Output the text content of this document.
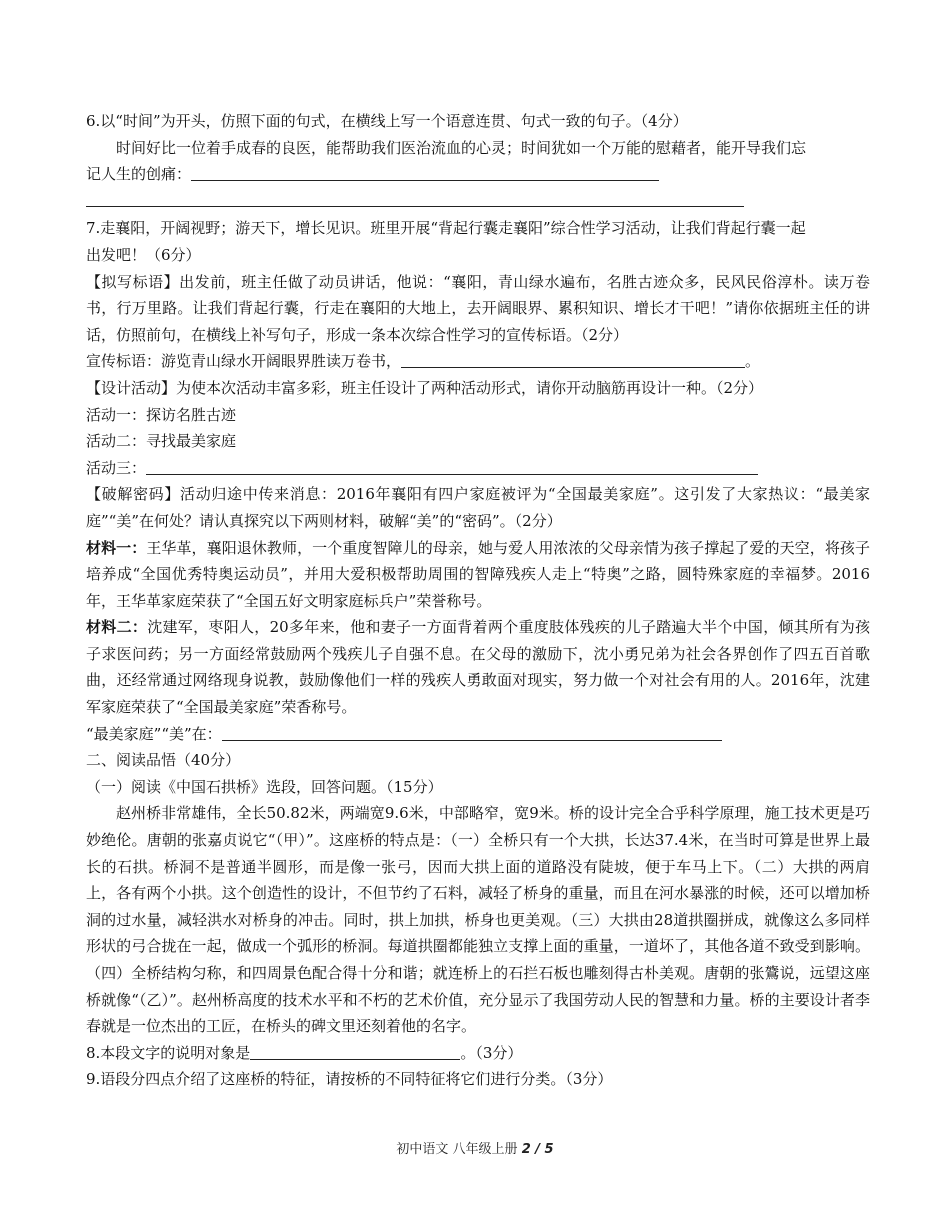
6.以“时间”为开头，仿照下面的句式，在横线上写一个语意连贯、句式一致的句子。（4分）
时间好比一位着手成春的良医，能帮助我们医治流血的心灵；时间犹如一个万能的慰藉者，能开导我们忘
记人生的创痛：
7.走襄阳，开阔视野；游天下，增长见识。班里开展“背起行囊走襄阳”综合性学习活动，让我们背起行囊一起
出发吧！（6分）
【拟写标语】出发前，班主任做了动员讲话，他说：“襄阳，青山绿水遍布，名胜古迹众多，民风民俗淳朴。读万卷书，行万里路。让我们背起行囊，行走在襄阳的大地上，去开阔眼界、累积知识、增长才干吧！”请你依据班主任的讲话，仿照前句，在横线上补写句子，形成一条本次综合性学习的宣传标语。（2分）
宣传标语：游览青山绿水开阔眼界胜读万卷书，	。
【设计活动】为使本次活动丰富多彩，班主任设计了两种活动形式，请你开动脑筋再设计一种。（2分）
活动一：探访名胜古迹
活动二：寻找最美家庭
活动三：
【破解密码】活动归途中传来消息：2016年襄阳有四户家庭被评为“全国最美家庭”。这引发了大家热议：“最美家庭”“美”在何处？请认真探究以下两则材料，破解“美”的“密码”。（2分）
材料一：王华革，襄阳退休教师，一个重度智障儿的母亲，她与爱人用浓浓的父母亲情为孩子撑起了爱的天空，将孩子培养成“全国优秀特奥运动员”，并用大爱积极帮助周围的智障残疾人走上“特奥”之路，圆特殊家庭的幸福梦。2016年，王华革家庭荣获了“全国五好文明家庭标兵户”荣誉称号。
材料二：沈建军，枣阳人，20多年来，他和妻子一方面背着两个重度肢体残疾的儿子踏遍大半个中国，倾其所有为孩子求医问药；另一方面经常鼓励两个残疾儿子自强不息。在父母的激励下，沈小勇兄弟为社会各界创作了四五百首歌曲，还经常通过网络现身说教，鼓励像他们一样的残疾人勇敢面对现实，努力做一个对社会有用的人。2016年，沈建军家庭荣获了“全国最美家庭”荣香称号。
“最美家庭”“美”在：
二、阅读品悟（40分）
（一）阅读《中国石拱桥》选段，回答问题。（15分）
赵州桥非常雄伟，全长50.82米，两端宽9.6米，中部略窄，宽9米。桥的设计完全合乎科学原理，施工技术更是巧妙绝伦。唐朝的张嘉贞说它“（甲）”。这座桥的特点是：（一）全桥只有一个大拱，长达37.4米，在当时可算是世界上最长的石拱。桥洞不是普通半圆形，而是像一张弓，因而大拱上面的道路没有陡坡，便于车马上下。（二）大拱的两肩上，各有两个小拱。这个创造性的设计，不但节约了石料，减轻了桥身的重量，而且在河水暴涨的时候，还可以增加桥洞的过水量，减轻洪水对桥身的冲击。同时，拱上加拱，桥身也更美观。（三）大拱由28道拱圈拼成，就像这么多同样形状的弓合拢在一起，做成一个弧形的桥洞。每道拱圈都能独立支撑上面的重量，一道坏了，其他各道不致受到影响。（四）全桥结构匀称，和四周景色配合得十分和谐；就连桥上的石拦石板也雕刻得古朴美观。唐朝的张鷟说，远望这座桥就像“（乙）”。赵州桥高度的技术水平和不朽的艺术价值，充分显示了我国劳动人民的智慧和力量。桥的主要设计者李春就是一位杰出的工匠，在桥头的碑文里还刻着他的名字。
8.本段文字的说明对象是	。（3分）
9.语段分四点介绍了这座桥的特征，请按桥的不同特征将它们进行分类。（3分）
初中语文 八年级上册 2 / 5
